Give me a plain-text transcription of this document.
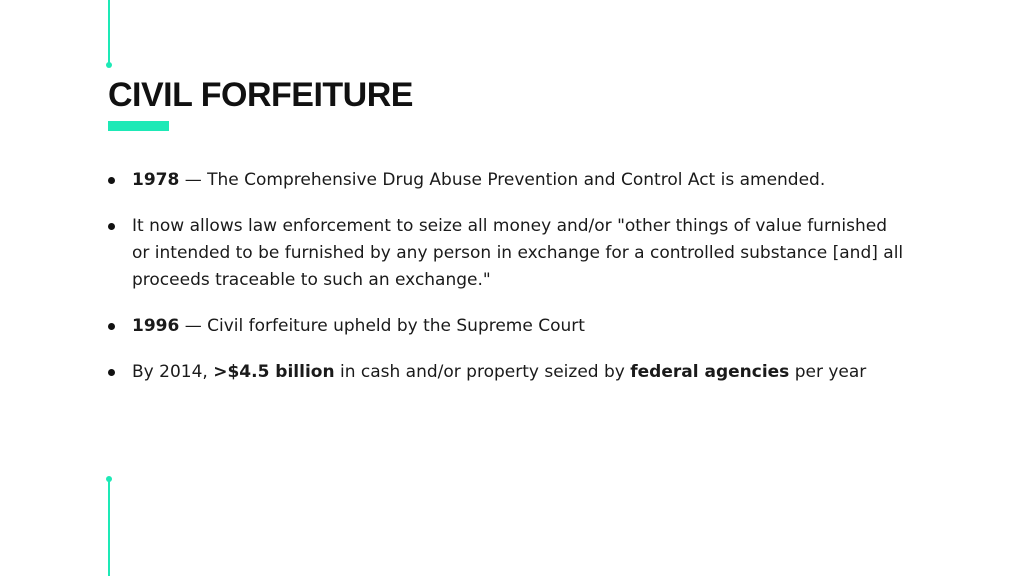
CIVIL FORFEITURE
1978 — The Comprehensive Drug Abuse Prevention and Control Act is amended.
It now allows law enforcement to seize all money and/or "other things of value furnished or intended to be furnished by any person in exchange for a controlled substance [and] all proceeds traceable to such an exchange."
1996 — Civil forfeiture upheld by the Supreme Court
By 2014, >$4.5 billion in cash and/or property seized by federal agencies per year
